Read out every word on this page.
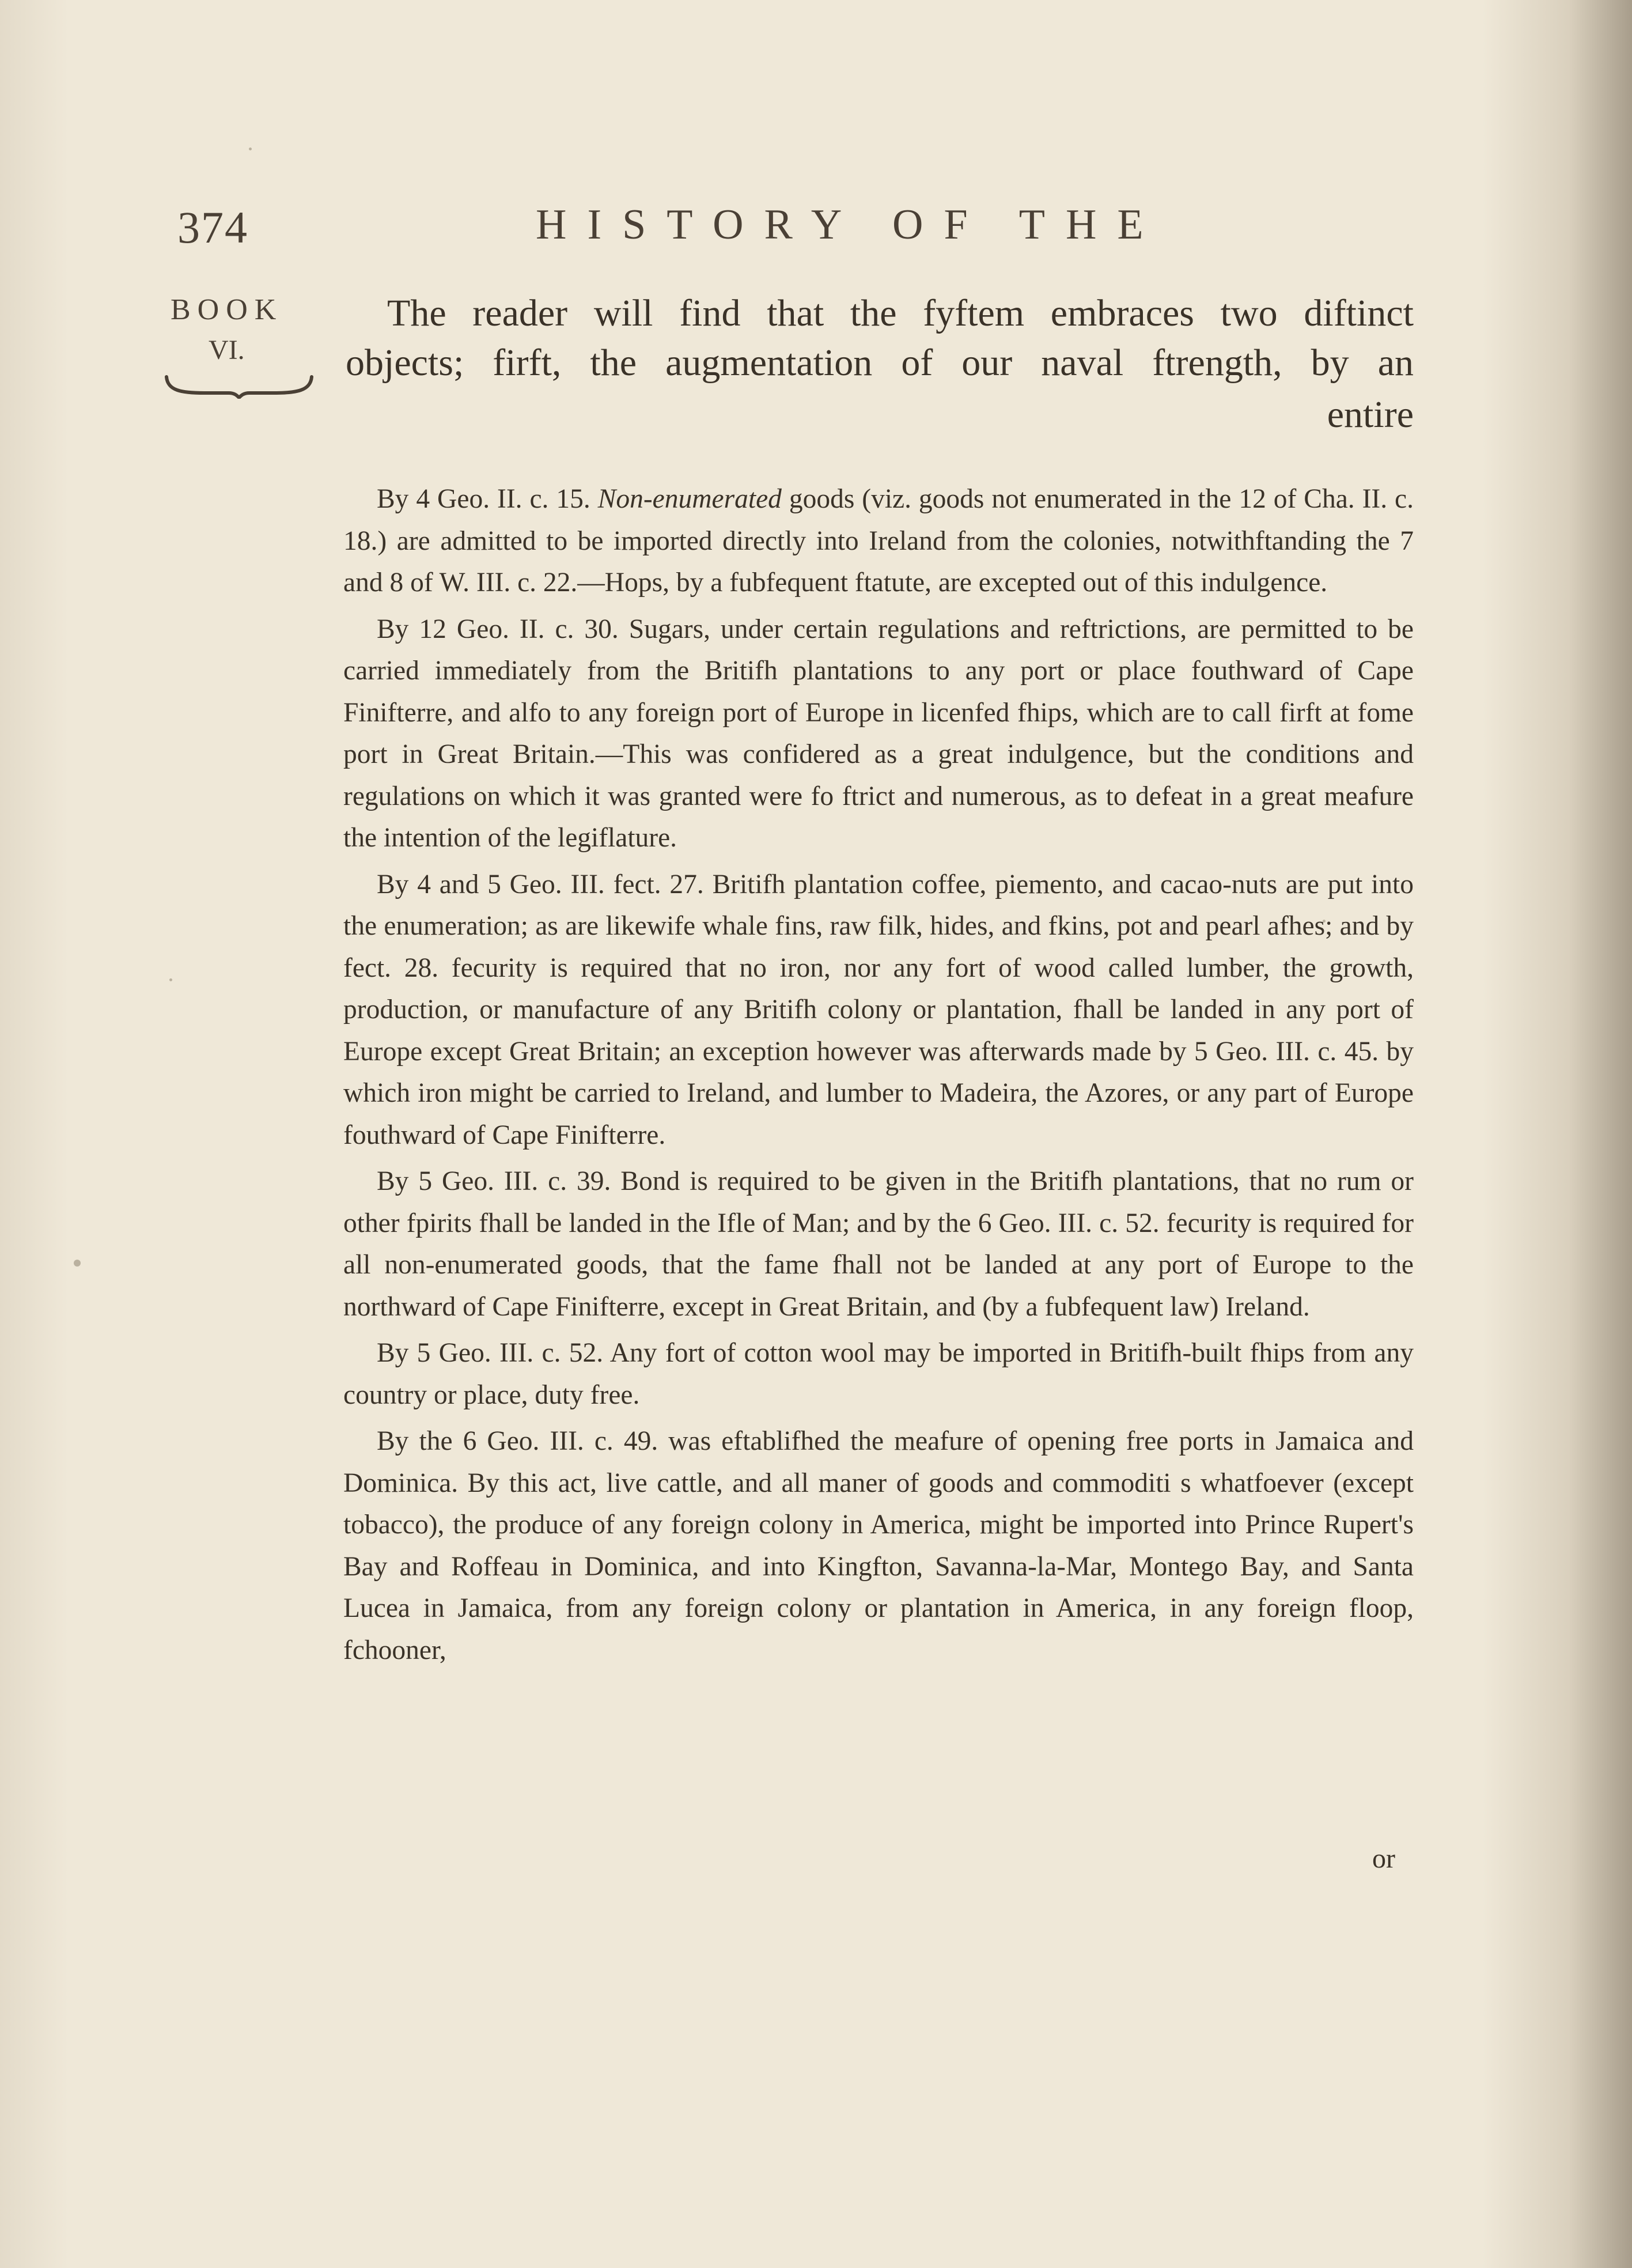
374	HISTORY OF THE
BOOK
VI.
The reader will find that the fyftem embraces two diftinct
objects; firft, the augmentation of our naval ftrength, by an
entire

By 4 Geo. II. c. 15. Non-enumerated goods (viz. goods not enumerated in the 12 of Cha. II. c. 18.) are admitted to be imported directly into Ireland from the colonies, notwithftanding the 7 and 8 of W. III. c. 22.—Hops, by a fubfequent ftatute, are excepted out of this indulgence.

By 12 Geo. II. c. 30. Sugars, under certain regulations and reftrictions, are permitted to be carried immediately from the Britifh plantations to any port or place fouthward of Cape Finifterre, and alfo to any foreign port of Europe in licenfed fhips, which are to call firft at fome port in Great Britain.—This was confidered as a great indulgence, but the conditions and regulations on which it was granted were fo ftrict and numerous, as to defeat in a great meafure the intention of the legiflature.

By 4 and 5 Geo. III. fect. 27. Britifh plantation coffee, piemento, and cacao-nuts are put into the enumeration; as are likewife whale fins, raw filk, hides, and fkins, pot and pearl afhes; and by fect. 28. fecurity is required that no iron, nor any fort of wood called lumber, the growth, production, or manufacture of any Britifh colony or plantation, fhall be landed in any port of Europe except Great Britain; an exception however was afterwards made by 5 Geo. III. c. 45. by which iron might be carried to Ireland, and lumber to Madeira, the Azores, or any part of Europe fouthward of Cape Finifterre.

By 5 Geo. III. c. 39. Bond is required to be given in the Britifh plantations, that no rum or other fpirits fhall be landed in the Ifle of Man; and by the 6 Geo. III. c. 52. fecurity is required for all non-enumerated goods, that the fame fhall not be landed at any port of Europe to the northward of Cape Finifterre, except in Great Britain, and (by a fubfequent law) Ireland.

By 5 Geo. III. c. 52. Any fort of cotton wool may be imported in Britifh-built fhips from any country or place, duty free.

By the 6 Geo. III. c. 49. was eftablifhed the meafure of opening free ports in Jamaica and Dominica. By this act, live cattle, and all maner of goods and commoditi s whatfoever (except tobacco), the produce of any foreign colony in America, might be imported into Prince Rupert's Bay and Roffeau in Dominica, and into Kingfton, Savanna-la-Mar, Montego Bay, and Santa Lucea in Jamaica, from any foreign colony or plantation in America, in any foreign floop, fchooner,

or
